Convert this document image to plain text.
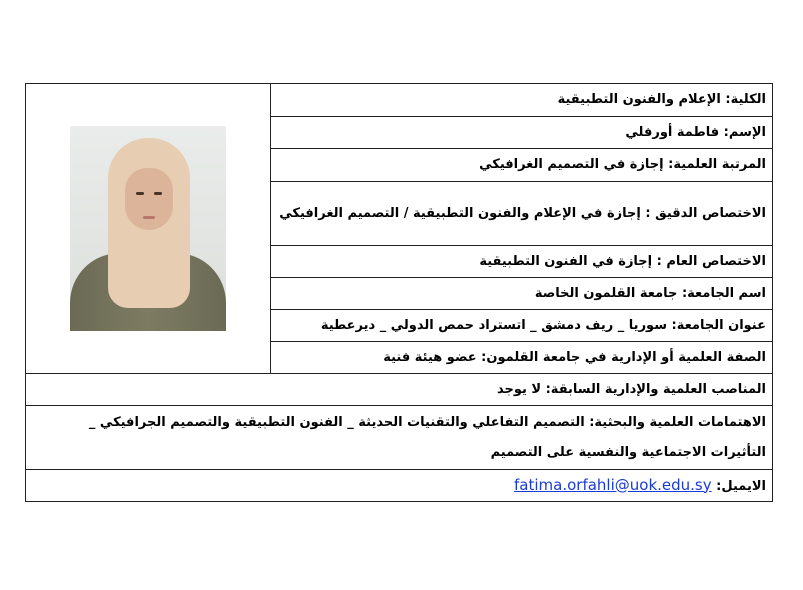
الكلية: الإعلام والفنون التطبيقية	

الإسم: فاطمة أورفلي
المرتبة العلمية: إجازة في التصميم الغرافيكي
الاختصاص الدقيق : إجازة في الإعلام والفنون التطبيقية / التصميم الغرافيكي
الاختصاص العام : إجازة في الفنون التطبيقية
اسم الجامعة: جامعة القلمون الخاصة
عنوان الجامعة: سوريا _ ريف دمشق _ اتستراد حمص الدولي _ ديرعطية
الصفة العلمية أو الإدارية في جامعة القلمون: عضو هيئة فنية

المناصب العلمية والإدارية السابقة: لا يوجد
الاهتمامات العلمية والبحثية: التصميم التفاعلي والتقنيات الحديثة _ الفنون التطبيقية والتصميم الجرافيكي _ التأثيرات الاجتماعية والنفسية على التصميم
الايميل: fatima.orfahli@uok.edu.sy
